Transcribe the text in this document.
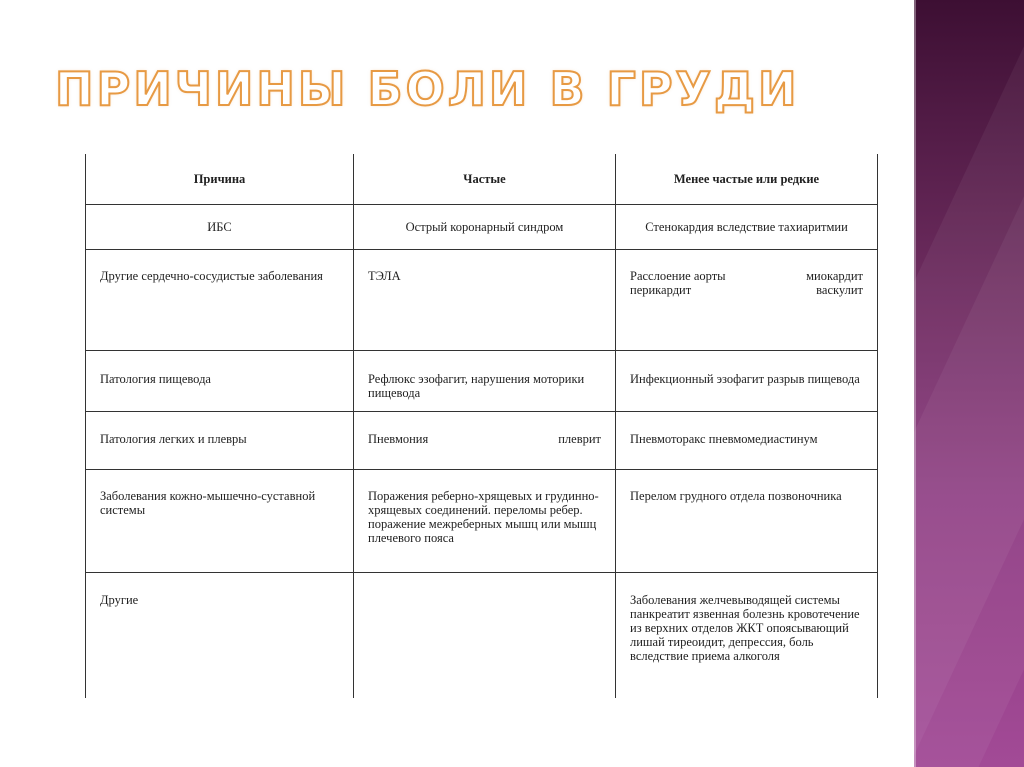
ПРИЧИНЫ БОЛИ В ГРУДИ
Причина	Частые	Менее частые или редкие
ИБС	Острый коронарный синдром	Стенокардия вследствие тахиаритмии
Другие сердечно-сосудистые заболевания	ТЭЛА	Расслоение аорты миокардит
перикардит васкулит

Патология пищевода	Рефлюкс эзофагит, нарушения моторики пищевода	Инфекционный эзофагит разрыв пищевода
Патология легких и плевры	Пневмония плеврит	Пневмоторакс пневмомедиастинум
Заболевания кожно-мышечно-суставной системы	Поражения реберно-хрящевых и грудинно-хрящевых соединений. переломы ребер. поражение межреберных мышц или мышц плечевого пояса	Перелом грудного отдела позвоночника
Другие		Заболевания желчевыводящей системы панкреатит язвенная болезнь кровотечение из верхних отделов ЖКТ опоясывающий лишай тиреоидит, депрессия, боль вследствие приема алкоголя
